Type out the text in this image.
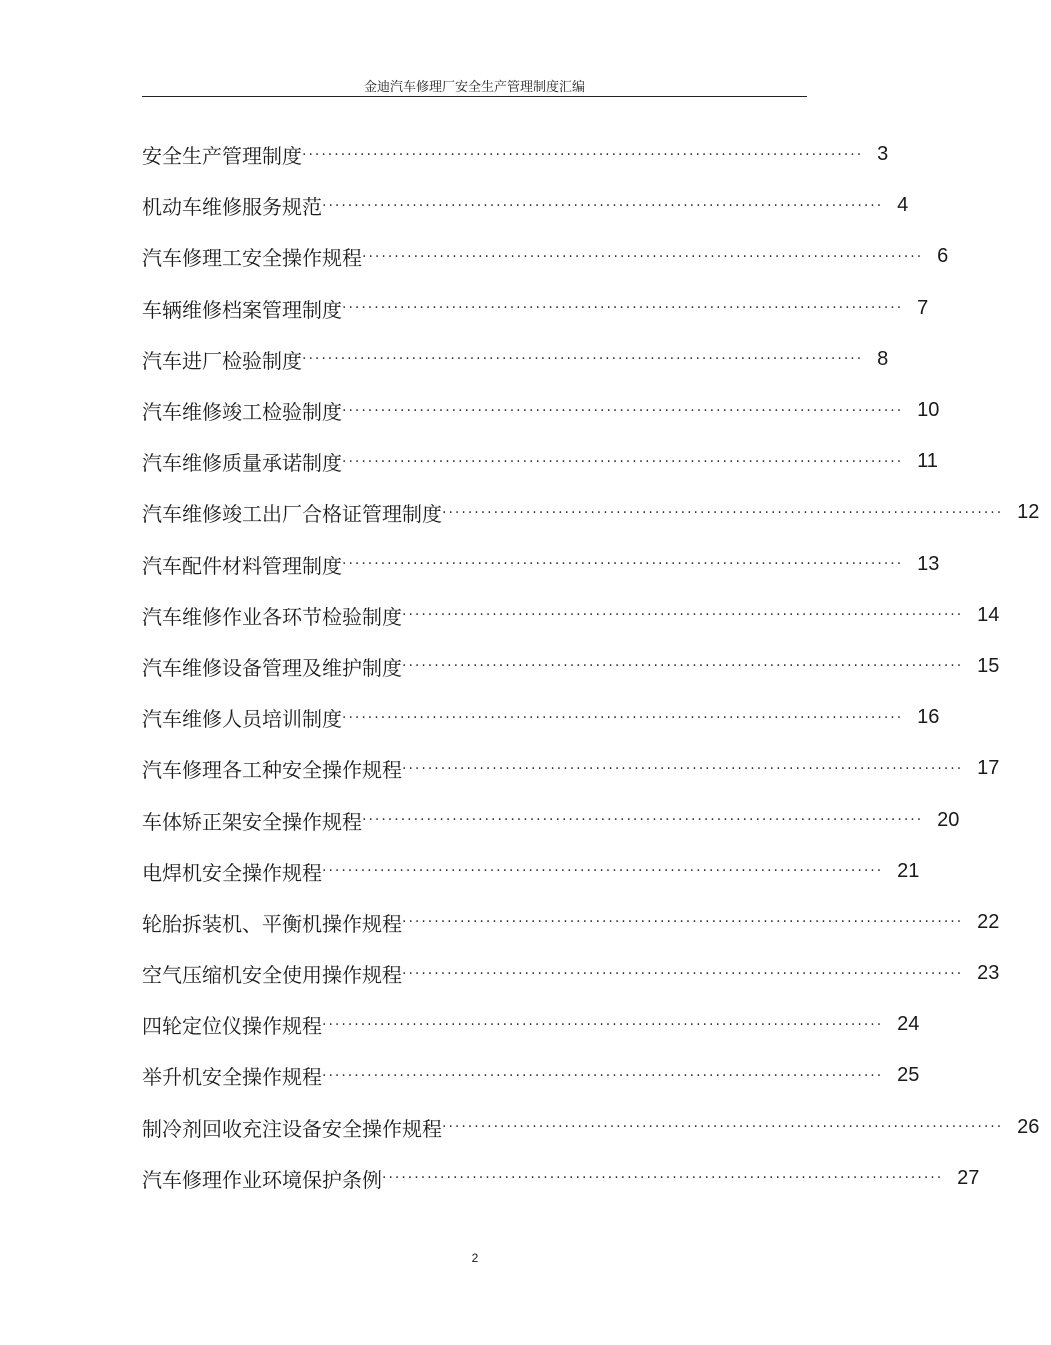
金迪汽车修理厂安全生产管理制度汇编
安全生产管理制度 ······················································································· 3
机动车维修服务规范 ······················································································· 4
汽车修理工安全操作规程 ······················································································· 6
车辆维修档案管理制度 ······················································································· 7
汽车进厂检验制度 ······················································································· 8
汽车维修竣工检验制度 ······················································································· 10
汽车维修质量承诺制度 ······················································································· 11
汽车维修竣工出厂合格证管理制度 ······················································································· 12
汽车配件材料管理制度 ······················································································· 13
汽车维修作业各环节检验制度 ······················································································· 14
汽车维修设备管理及维护制度 ······················································································· 15
汽车维修人员培训制度 ······················································································· 16
汽车修理各工种安全操作规程 ······················································································· 17
车体矫正架安全操作规程 ······················································································· 20
电焊机安全操作规程 ······················································································· 21
轮胎拆装机、平衡机操作规程 ······················································································· 22
空气压缩机安全使用操作规程 ······················································································· 23
四轮定位仪操作规程 ······················································································· 24
举升机安全操作规程 ······················································································· 25
制冷剂回收充注设备安全操作规程 ······················································································· 26
汽车修理作业环境保护条例 ······················································································· 27
2
